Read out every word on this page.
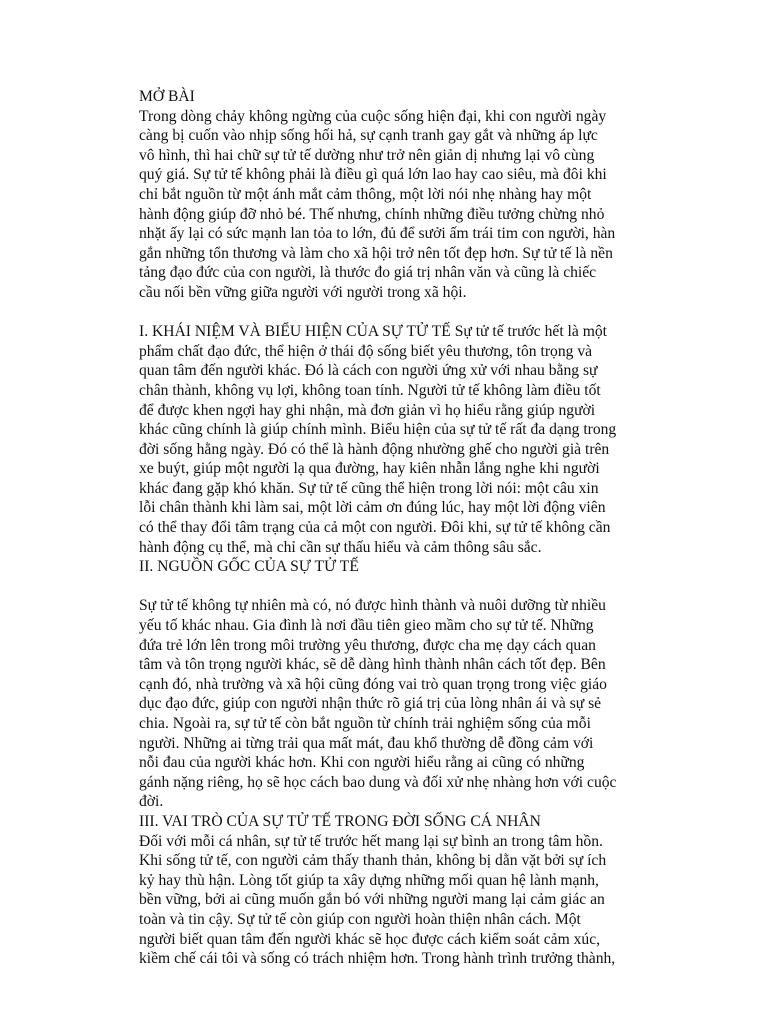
MỞ BÀI

Trong dòng chảy không ngừng của cuộc sống hiện đại, khi con người ngày

càng bị cuốn vào nhịp sống hối hả, sự cạnh tranh gay gắt và những áp lực

vô hình, thì hai chữ sự tử tế dường như trở nên giản dị nhưng lại vô cùng

quý giá. Sự tử tế không phải là điều gì quá lớn lao hay cao siêu, mà đôi khi

chỉ bắt nguồn từ một ánh mắt cảm thông, một lời nói nhẹ nhàng hay một

hành động giúp đỡ nhỏ bé. Thế nhưng, chính những điều tưởng chừng nhỏ

nhặt ấy lại có sức mạnh lan tỏa to lớn, đủ để sưởi ấm trái tim con người, hàn

gắn những tổn thương và làm cho xã hội trở nên tốt đẹp hơn. Sự tử tế là nền

tảng đạo đức của con người, là thước đo giá trị nhân văn và cũng là chiếc

cầu nối bền vững giữa người với người trong xã hội.

I. KHÁI NIỆM VÀ BIỂU HIỆN CỦA SỰ TỬ TẾ Sự tử tế trước hết là một

phẩm chất đạo đức, thể hiện ở thái độ sống biết yêu thương, tôn trọng và

quan tâm đến người khác. Đó là cách con người ứng xử với nhau bằng sự

chân thành, không vụ lợi, không toan tính. Người tử tế không làm điều tốt

để được khen ngợi hay ghi nhận, mà đơn giản vì họ hiểu rằng giúp người

khác cũng chính là giúp chính mình. Biểu hiện của sự tử tế rất đa dạng trong

đời sống hằng ngày. Đó có thể là hành động nhường ghế cho người già trên

xe buýt, giúp một người lạ qua đường, hay kiên nhẫn lắng nghe khi người

khác đang gặp khó khăn. Sự tử tế cũng thể hiện trong lời nói: một câu xin

lỗi chân thành khi làm sai, một lời cảm ơn đúng lúc, hay một lời động viên

có thể thay đổi tâm trạng của cả một con người. Đôi khi, sự tử tế không cần

hành động cụ thể, mà chỉ cần sự thấu hiểu và cảm thông sâu sắc.

II. NGUỒN GỐC CỦA SỰ TỬ TẾ

Sự tử tế không tự nhiên mà có, nó được hình thành và nuôi dưỡng từ nhiều

yếu tố khác nhau. Gia đình là nơi đầu tiên gieo mầm cho sự tử tế. Những

đứa trẻ lớn lên trong môi trường yêu thương, được cha mẹ dạy cách quan

tâm và tôn trọng người khác, sẽ dễ dàng hình thành nhân cách tốt đẹp. Bên

cạnh đó, nhà trường và xã hội cũng đóng vai trò quan trọng trong việc giáo

dục đạo đức, giúp con người nhận thức rõ giá trị của lòng nhân ái và sự sẻ

chia. Ngoài ra, sự tử tế còn bắt nguồn từ chính trải nghiệm sống của mỗi

người. Những ai từng trải qua mất mát, đau khổ thường dễ đồng cảm với

nỗi đau của người khác hơn. Khi con người hiểu rằng ai cũng có những

gánh nặng riêng, họ sẽ học cách bao dung và đối xử nhẹ nhàng hơn với cuộc

đời.

III. VAI TRÒ CỦA SỰ TỬ TẾ TRONG ĐỜI SỐNG CÁ NHÂN

Đối với mỗi cá nhân, sự tử tế trước hết mang lại sự bình an trong tâm hồn.

Khi sống tử tế, con người cảm thấy thanh thản, không bị dằn vặt bởi sự ích

kỷ hay thù hận. Lòng tốt giúp ta xây dựng những mối quan hệ lành mạnh,

bền vững, bởi ai cũng muốn gắn bó với những người mang lại cảm giác an

toàn và tin cậy. Sự tử tế còn giúp con người hoàn thiện nhân cách. Một

người biết quan tâm đến người khác sẽ học được cách kiểm soát cảm xúc,

kiềm chế cái tôi và sống có trách nhiệm hơn. Trong hành trình trưởng thành,
